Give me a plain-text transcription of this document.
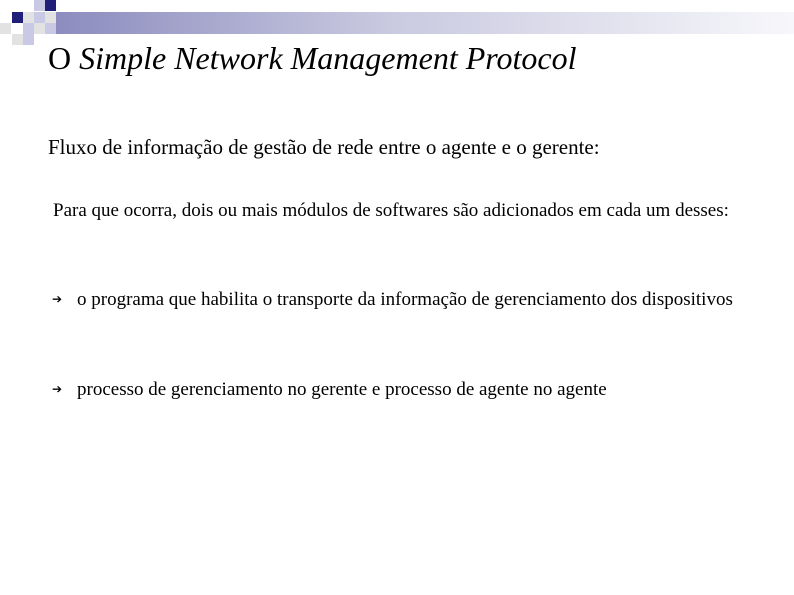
O Simple Network Management Protocol

Fluxo de informação de gestão de rede entre o agente e o gerente:

Para que ocorra, dois ou mais módulos de softwares são adicionados em cada um desses:

➔ o programa que habilita o transporte da informação de gerenciamento dos dispositivos
➔ processo de gerenciamento no gerente e processo de agente no agente
